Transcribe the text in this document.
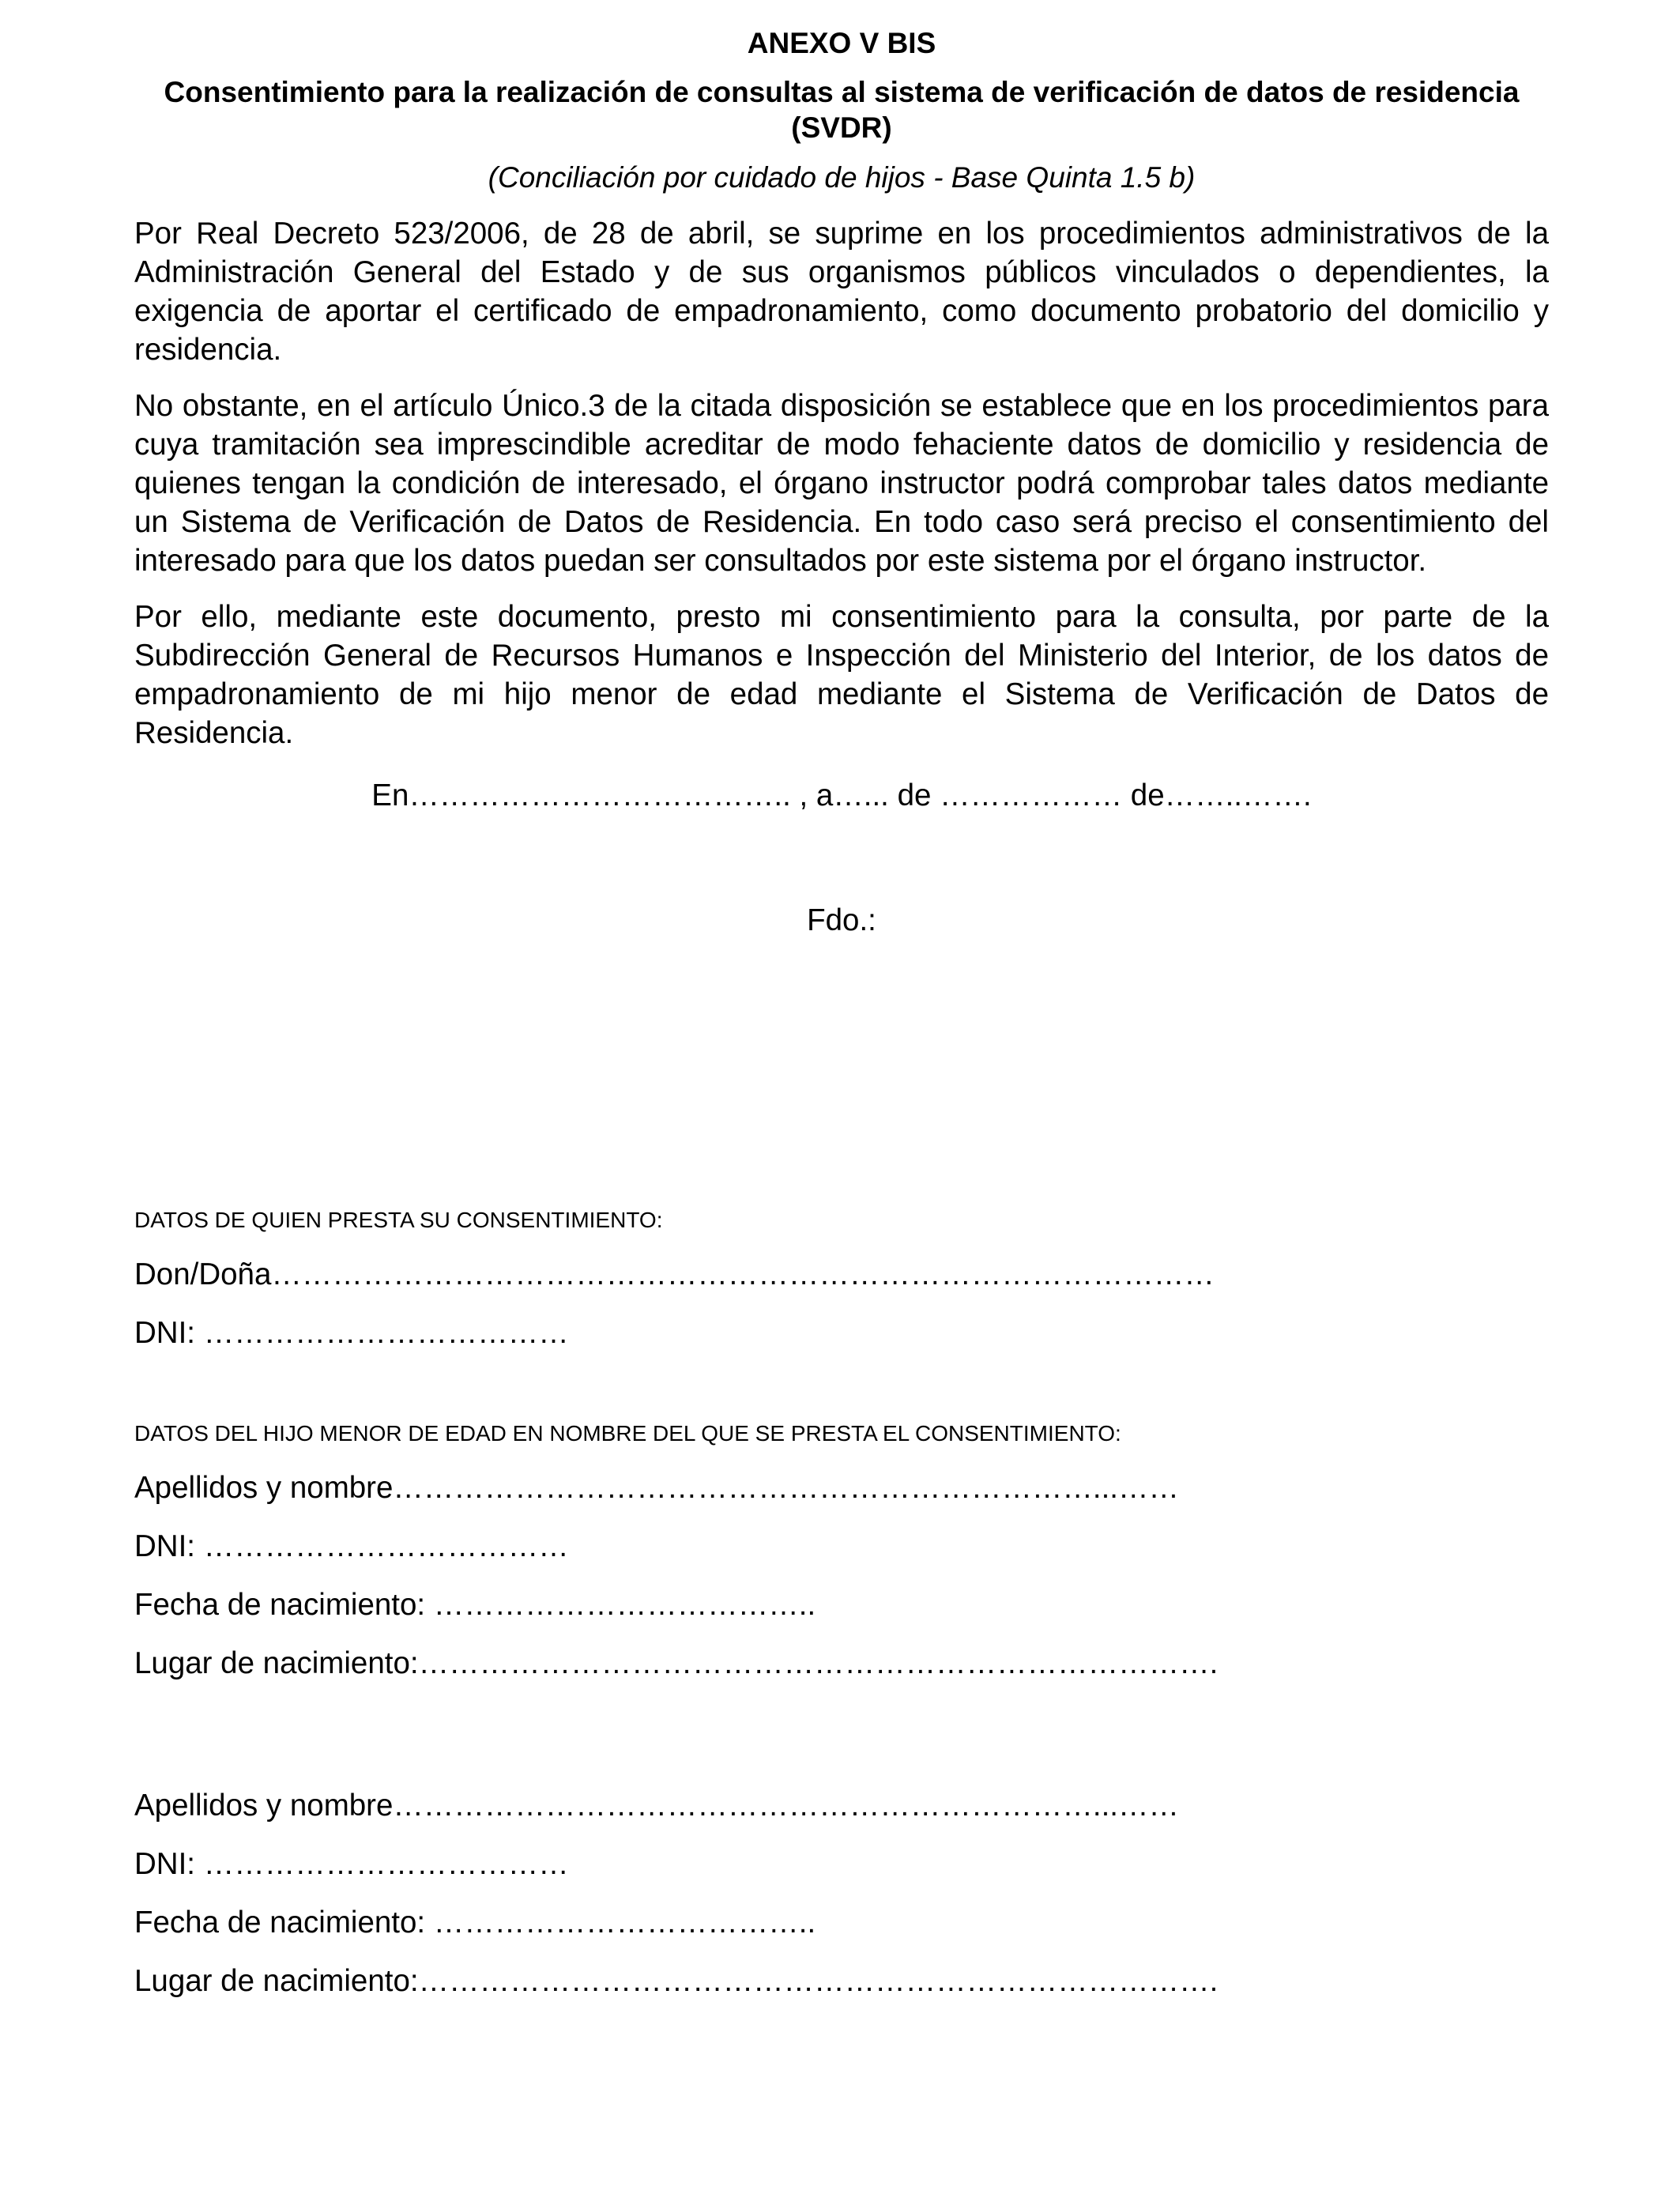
ANEXO V BIS

Consentimiento para la realización de consultas al sistema de verificación de datos de residencia (SVDR)

(Conciliación por cuidado de hijos - Base Quinta 1.5 b)

Por Real Decreto 523/2006, de 28 de abril, se suprime en los procedimientos administrativos de la Administración General del Estado y de sus organismos públicos vinculados o dependientes, la exigencia de aportar el certificado de empadronamiento, como documento probatorio del domicilio y residencia.

No obstante, en el artículo Único.3 de la citada disposición se establece que en los procedimientos para cuya tramitación sea imprescindible acreditar de modo fehaciente datos de domicilio y residencia de quienes tengan la condición de interesado, el órgano instructor podrá comprobar tales datos mediante un Sistema de Verificación de Datos de Residencia. En todo caso será preciso el consentimiento del interesado para que los datos puedan ser consultados por este sistema por el órgano instructor.

Por ello, mediante este documento, presto mi consentimiento para la consulta, por parte de la Subdirección General de Recursos Humanos e Inspección del Ministerio del Interior, de los datos de empadronamiento de mi hijo menor de edad mediante el Sistema de Verificación de Datos de Residencia.

En……………………………….. , a…... de ……………… de……..…….

Fdo.:

DATOS DE QUIEN PRESTA SU CONSENTIMIENTO:

Don/Doña…………………………………………………………………………………

DNI: ………………………………

DATOS DEL HIJO MENOR DE EDAD EN NOMBRE DEL QUE SE PRESTA EL CONSENTIMIENTO:

Apellidos y nombre……………………………………………………………...……

DNI: ………………………………

Fecha de nacimiento: ………………………………..

Lugar de nacimiento:…………………………………………………………………….

Apellidos y nombre……………………………………………………………...……

DNI: ………………………………

Fecha de nacimiento: ………………………………..

Lugar de nacimiento:…………………………………………………………………….
